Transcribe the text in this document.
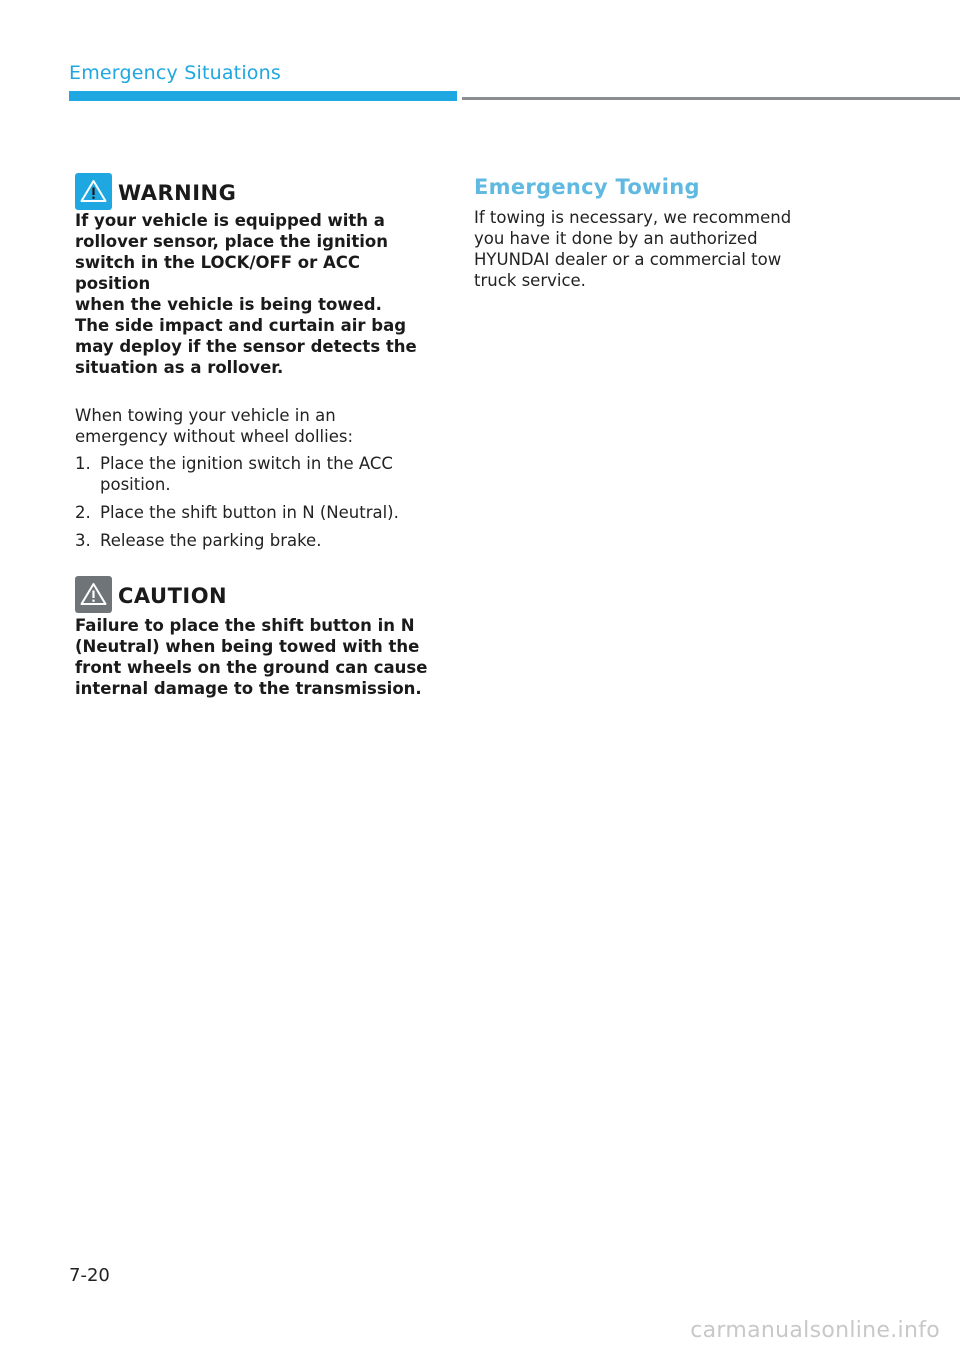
Emergency Situations
WARNING

If your vehicle is equipped with a

rollover sensor, place the ignition

switch in the LOCK/OFF or ACC position

when the vehicle is being towed.

The side impact and curtain air bag

may deploy if the sensor detects the

situation as a rollover.

When towing your vehicle in an

emergency without wheel dollies:

1. Place the ignition switch in the ACC
position.
2. Place the shift button in N (Neutral).
3. Release the parking brake.
CAUTION

Failure to place the shift button in N

(Neutral) when being towed with the

front wheels on the ground can cause

internal damage to the transmission.

Emergency Towing

If towing is necessary, we recommend

you have it done by an authorized

HYUNDAI dealer or a commercial tow

truck service.

7-20
carmanualsonline.info
